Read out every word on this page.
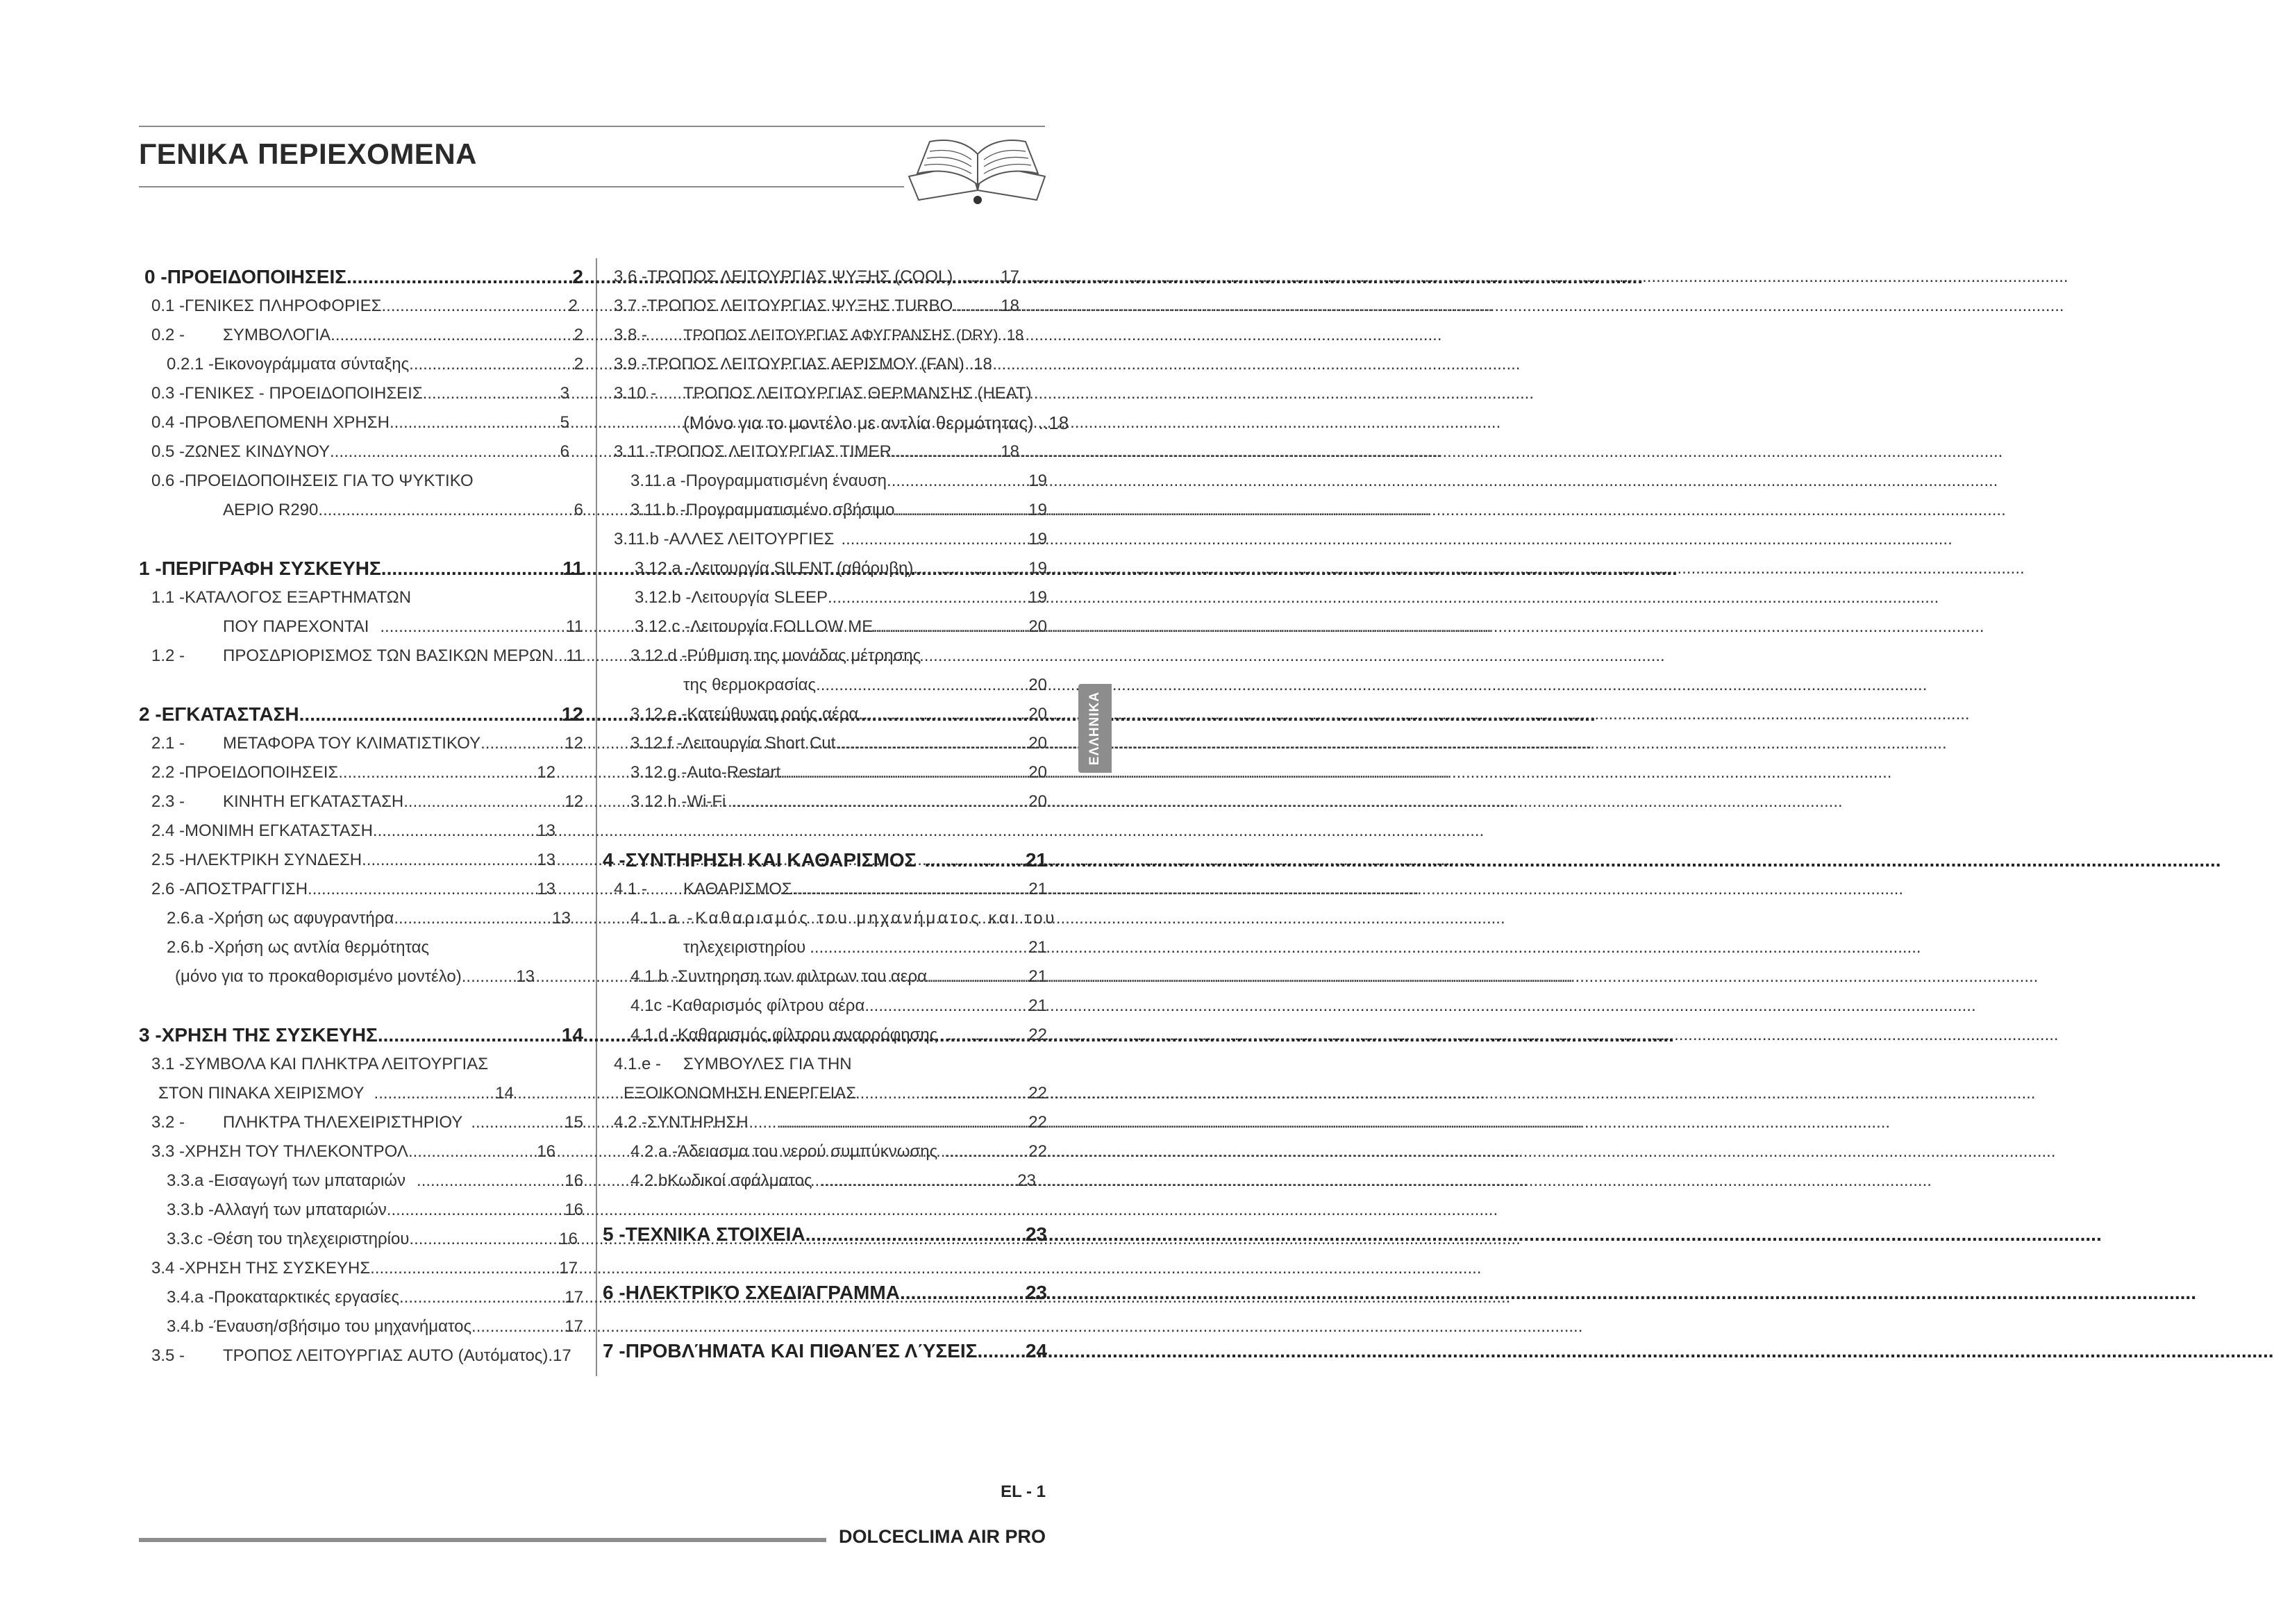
ΓΕΝΙΚΑ ΠΕΡΙΕΧΟΜΕΝΑ
0 - ΠΡΟΕΙΔΟΠΟΙΗΣΕΙΣ .....	2
0.1 - ΓΕΝΙΚΕΣ ΠΛΗΡΟΦΟΡΙΕΣ .....	2
0.2 -	ΣΥΜΒΟΛΟΓΙΑ .....	2
0.2.1 - Εικονογράμματα σύνταξης .....	2
0.3 - ΓΕΝΙΚΕΣ - ΠΡΟΕΙΔΟΠΟΙΗΣΕΙΣ .....	3
0.4 - ΠΡΟΒΛΕΠΟΜΕΝΗ ΧΡΗΣΗ .....	5
0.5 - ΖΩΝΕΣ ΚΙΝΔΥΝΟΥ .....	6
0.6 - ΠΡΟΕΙΔΟΠΟΙΗΣΕΙΣ ΓΙΑ ΤΟ ΨΥΚΤΙΚΟ
ΑΕΡΙΟ R290 .....	6
1 - ΠΕΡΙΓΡΑΦΗ ΣΥΣΚΕΥΗΣ .....	11
1.1 - ΚΑΤΑΛΟΓΟΣ ΕΞΑΡΤΗΜΑΤΩΝ
ΠΟΥ ΠΑΡΕΧΟΝΤΑΙ .....	11
1.2 -	ΠΡΟΣΔΡΙΟΡΙΣΜΟΣ ΤΩΝ ΒΑΣΙΚΩΝ ΜΕΡΩΝ ..... 11
2 - ΕΓΚΑΤΑΣΤΑΣΗ .....	12
2.1 -	ΜΕΤΑΦΟΡΑ ΤΟΥ ΚΛΙΜΑΤΙΣΤΙΚΟΥ .....	12
2.2 - ΠΡΟΕΙΔΟΠΟΙΗΣΕΙΣ .....	12
2.3 -	ΚΙΝΗΤΗ ΕΓΚΑΤΑΣΤΑΣΗ .....	12
2.4 - ΜΟΝΙΜΗ ΕΓΚΑΤΑΣΤΑΣΗ .....	13
2.5 - ΗΛΕΚΤΡΙΚΗ ΣΥΝΔΕΣΗ .....	13
2.6 - ΑΠΟΣΤΡΑΓΓΙΣΗ .....	13
2.6.a - Χρήση ως αφυγραντήρα .....	13
2.6.b - Χρήση ως αντλία θερμότητας
(μόνο για το προκαθορισμένο μοντέλο) .....	13
3 - ΧΡΗΣΗ ΤΗΣ ΣΥΣΚΕΥΗΣ .....	14
3.1 - ΣΥΜΒΟΛΑ ΚΑΙ ΠΛΗΚΤΡΑ ΛΕΙΤΟΥΡΓΙΑΣ
ΣΤΟΝ ΠΙΝΑΚΑ ΧΕΙΡΙΣΜΟΥ .....	14
3.2 -	ΠΛΗΚΤΡΑ ΤΗΛΕΧΕΙΡΙΣΤΗΡΙΟΥ .....	15
3.3 - ΧΡΗΣΗ ΤΟΥ ΤΗΛΕΚΟΝΤΡΟΛ .....	16
3.3.a - Εισαγωγή των μπαταριών .....	16
3.3.b - Αλλαγή των μπαταριών .....	16
3.3.c - Θέση του τηλεχειριστηρίου .....	16
3.4 - ΧΡΗΣΗ ΤΗΣ ΣΥΣΚΕΥΗΣ .....	17
3.4.a - Προκαταρκτικές εργασίες .....	17
3.4.b - Έναυση/σβήσιμο του μηχανήματος .....	17
3.5 -	ΤΡΟΠΟΣ ΛΕΙΤΟΥΡΓΙΑΣ AUTO (Αυτόματος) . 17
3.6 - ΤΡΟΠΟΣ ΛΕΙΤΟΥΡΓΙΑΣ ΨΥΞΗΣ (COOL) .....	17
3.7 - ΤΡΟΠΟΣ ΛΕΙΤΟΥΡΓΙΑΣ ΨΥΞΗΣ TURBO .....	18
3.8 -	ΤΡΟΠΟΣ ΛΕΙΤΟΥΡΓΙΑΣ ΑΦΥΓΡΑΝΣΗΣ (DRY) . 18
3.9 - ΤΡΟΠΟΣ ΛΕΙΤΟΥΡΓΙΑΣ ΑΕΡΙΣΜΟΥ (FAN) . 18
3.10 -	ΤΡΟΠΟΣ ΛΕΙΤΟΥΡΓΙΑΣ ΘΕΡΜΑΝΣΗΣ (HEAT)
(Μόνο για το μοντέλο με αντλία θερμότητας) .. 18
3.11 - ΤΡΟΠΟΣ ΛΕΙΤΟΥΡΓΙΑΣ TIMER .....	18
3.11.a - Προγραμματισμένη έναυση .....	19
3.11.b - Προγραμματισμένο σβήσιμο .....	19
3.11.b - ΑΛΛΕΣ ΛΕΙΤΟΥΡΓΙΕΣ .....	19
3.12.a - Λειτουργία SILENT (αθόρυβη) .....	19
3.12.b - Λειτουργία SLEEP .....	19
3.12.c - Λειτουργία FOLLOW ME .....	20
3.12.d - Ρύθμιση της μονάδας μέτρησης
της θερμοκρασίας .....	20
3.12.e - Κατεύθυνση ροής αέρα .....	20
3.12.f - Λειτουργία Short Cut .....	20
3.12.g - Auto-Restart .....	20
3.12.h - Wi-Fi .....	20
4 - ΣΥΝΤΗΡΗΣΗ ΚΑΙ ΚΑΘΑΡΙΣΜΟΣ .....	21
4.1 -	ΚΑΘΑΡΙΣΜΟΣ .....	21
4.1.a - Καθαρισμός του μηχανήματος και του
τηλεχειριστηρίου .....	21
4.1.b - Συντηρηση των φιλτρων του αερα .....	21
4.1c - Καθαρισμός φίλτρου αέρα .....	21
4.1.d - Καθαρισμός φίλτρου αναρρόφησης .....	22
4.1.e -	ΣΥΜΒΟΥΛΕΣ ΓΙΑ ΤΗΝ
ΕΞΟΙΚΟΝΟΜΗΣΗ ΕΝΕΡΓΕΙΑΣ .....	22
4.2 - ΣΥΝΤΗΡΗΣΗ .....	22
4.2.a - Άδειασμα του νερού συμπύκνωσης .....	22
4.2.b Κωδικοί σφάλματος .....	23
5 - ΤΕΧΝΙΚΑ ΣΤΟΙΧΕΙΑ .....	23
6 - ΗΛΕΚΤΡΙΚΌ ΣΧΕΔΙΆΓΡΑΜΜΑ .....	23
7 - ΠΡΟΒΛΉΜΑΤΑ ΚΑΙ ΠΙΘΑΝΈΣ ΛΎΣΕΙΣ ..... 24
ΕΛΛΗΝΙΚΑ
EL - 1
DOLCECLIMA AIR PRO
